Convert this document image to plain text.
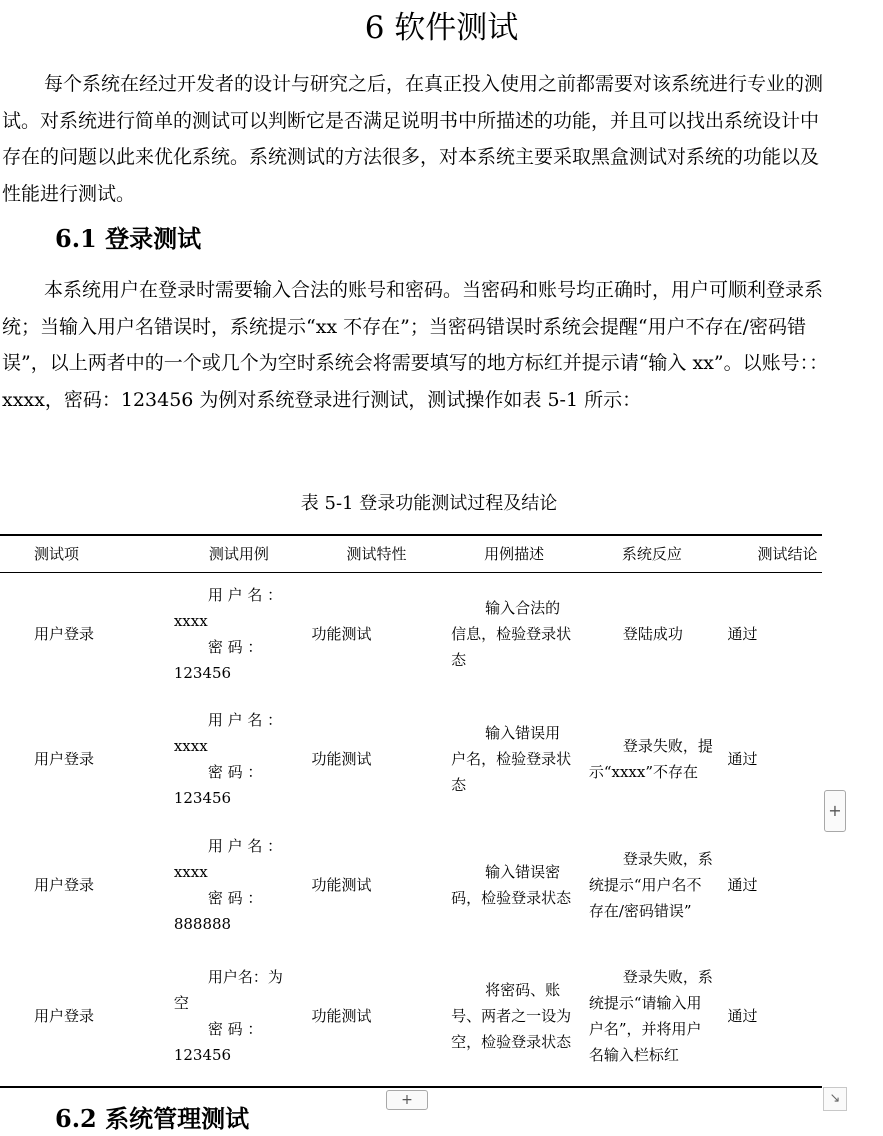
6 软件测试

每个系统在经过开发者的设计与研究之后，在真正投入使用之前都需要对该系统进行专业的测试。对系统进行简单的测试可以判断它是否满足说明书中所描述的功能，并且可以找出系统设计中存在的问题以此来优化系统。系统测试的方法很多，对本系统主要采取黑盒测试对系统的功能以及性能进行测试。

6.1 登录测试

本系统用户在登录时需要输入合法的账号和密码。当密码和账号均正确时，用户可顺利登录系统；当输入用户名错误时，系统提示“xx 不存在”；当密码错误时系统会提醒“用户不存在/密码错误”，以上两者中的一个或几个为空时系统会将需要填写的地方标红并提示请“输入 xx”。以账号：：xxxx，密码：123456 为例对系统登录进行测试，测试操作如表 5-1 所示：

表 5-1 登录功能测试过程及结论
测试项	测试用例	测试特性	用例描述	系统反应	测试结论
用户登录	用 户 名 ：
xxxx
密 码 ：
123456	功能测试	输入合法的信息，检验登录状态	登陆成功	通过
用户登录	用 户 名 ：
xxxx
密 码 ：
123456	功能测试	输入错误用户名，检验登录状态	登录失败，提示“xxxx”不存在	通过
用户登录	用 户 名 ：
xxxx
密 码 ：
888888	功能测试	输入错误密码，检验登录状态	登录失败，系统提示“用户名不存在/密码错误”	通过
用户登录	用户名：为
空
密 码 ：
123456	功能测试	将密码、账号、两者之一设为空，检验登录状态	登录失败，系统提示“请输入用户名”，并将用户名输入栏标红	通过
+
+	↘
6.2 系统管理测试
